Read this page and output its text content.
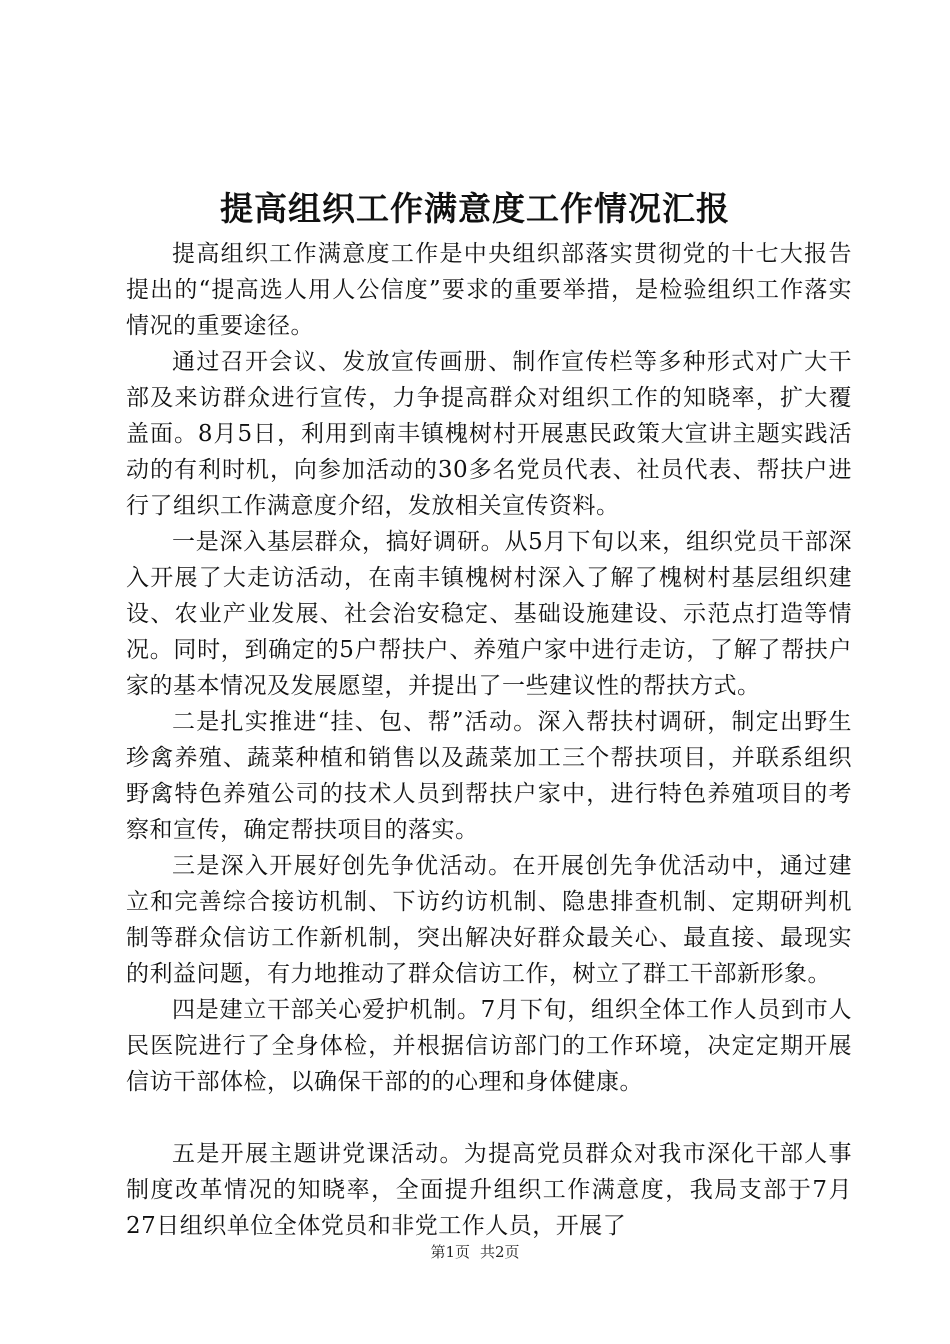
提高组织工作满意度工作情况汇报

提高组织工作满意度工作是中央组织部落实贯彻党的十七大报告提出的“提高选人用人公信度”要求的重要举措，是检验组织工作落实情况的重要途径。

通过召开会议、发放宣传画册、制作宣传栏等多种形式对广大干部及来访群众进行宣传，力争提高群众对组织工作的知晓率，扩大覆盖面。8月5日，利用到南丰镇槐树村开展惠民政策大宣讲主题实践活动的有利时机，向参加活动的30多名党员代表、社员代表、帮扶户进行了组织工作满意度介绍，发放相关宣传资料。

一是深入基层群众，搞好调研。从5月下旬以来，组织党员干部深入开展了大走访活动，在南丰镇槐树村深入了解了槐树村基层组织建设、农业产业发展、社会治安稳定、基础设施建设、示范点打造等情况。同时，到确定的5户帮扶户、养殖户家中进行走访，了解了帮扶户家的基本情况及发展愿望，并提出了一些建议性的帮扶方式。

二是扎实推进“挂、包、帮”活动。深入帮扶村调研，制定出野生珍禽养殖、蔬菜种植和销售以及蔬菜加工三个帮扶项目，并联系组织野禽特色养殖公司的技术人员到帮扶户家中，进行特色养殖项目的考察和宣传，确定帮扶项目的落实。

三是深入开展好创先争优活动。在开展创先争优活动中，通过建立和完善综合接访机制、下访约访机制、隐患排查机制、定期研判机制等群众信访工作新机制，突出解决好群众最关心、最直接、最现实的利益问题，有力地推动了群众信访工作，树立了群工干部新形象。

四是建立干部关心爱护机制。7月下旬，组织全体工作人员到市人民医院进行了全身体检，并根据信访部门的工作环境，决定定期开展信访干部体检，以确保干部的的心理和身体健康。

五是开展主题讲党课活动。为提高党员群众对我市深化干部人事制度改革情况的知晓率，全面提升组织工作满意度，我局支部于7月27日组织单位全体党员和非党工作人员，开展了

第1页 共2页
